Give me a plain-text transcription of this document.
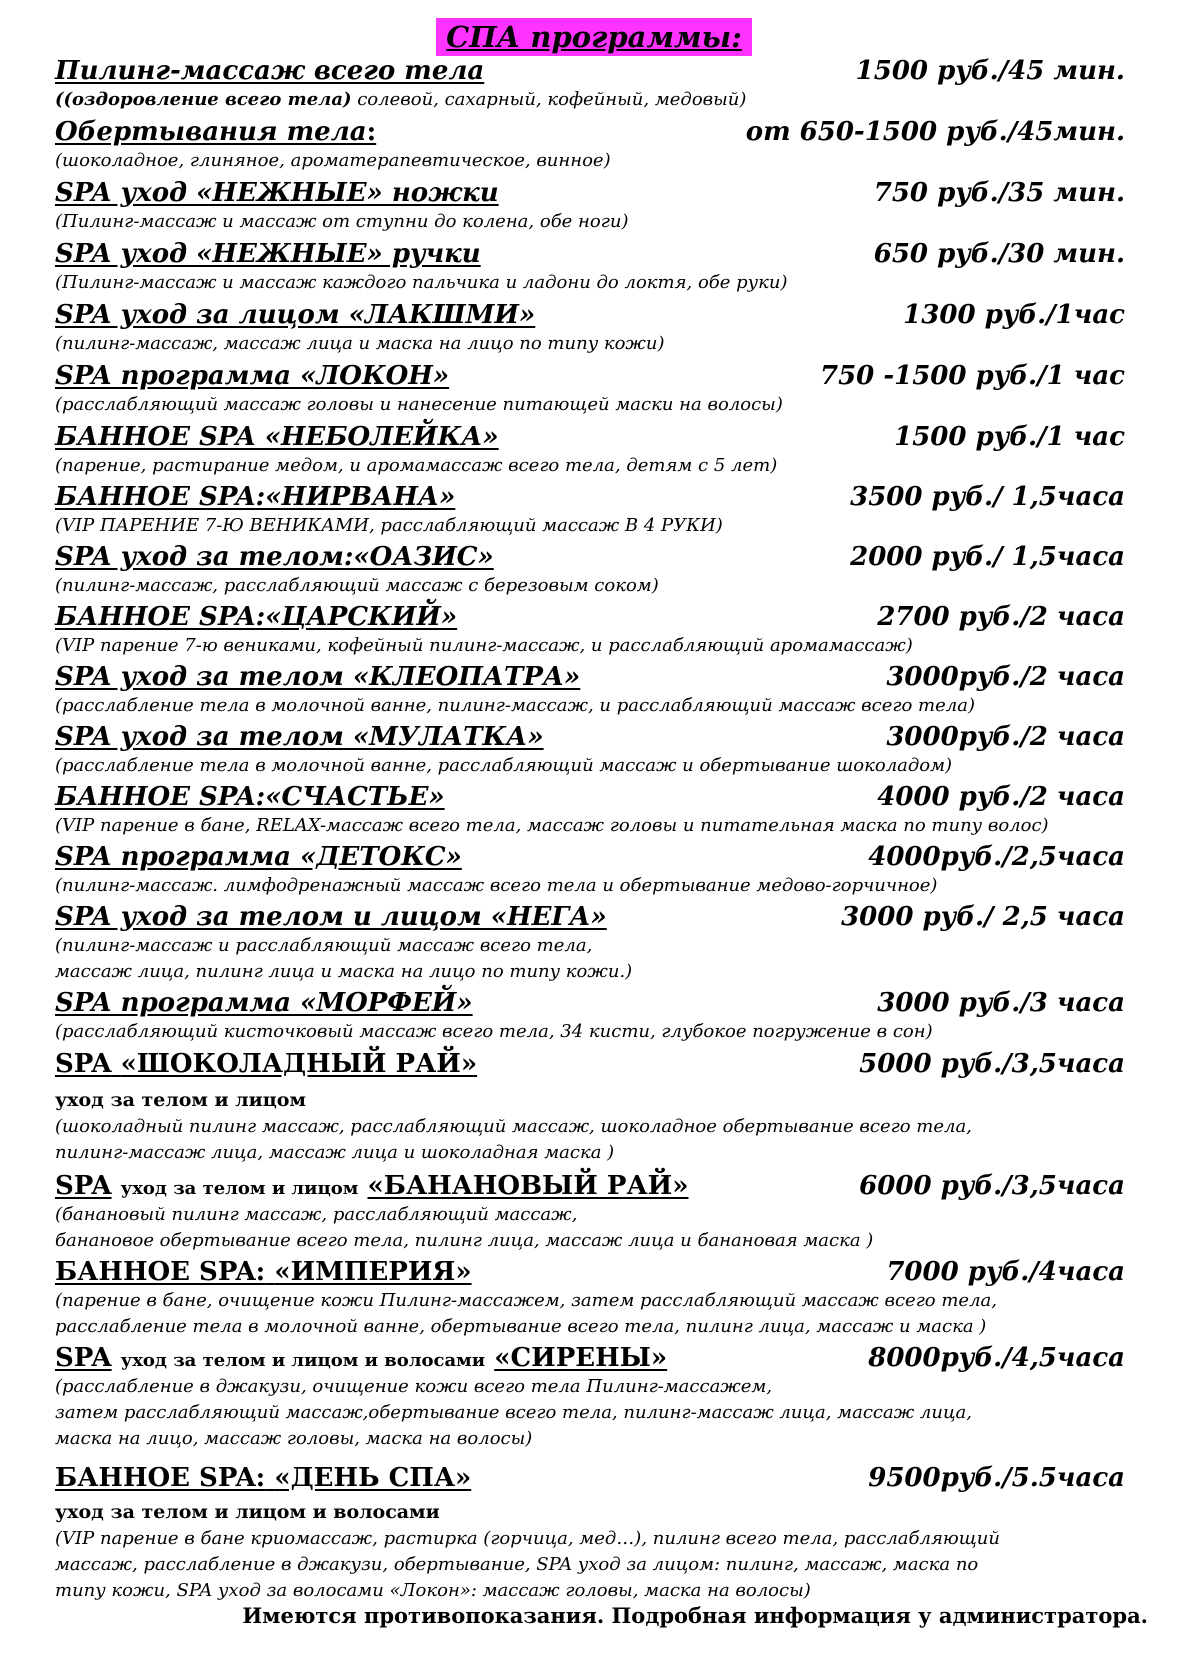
СПА программы:
Пилинг-массаж всего тела	1500 руб./45 мин.
((оздоровление всего тела) солевой, сахарный, кофейный, медовый)
Обертывания тела:	от 650-1500 руб./45мин.
(шоколадное, глиняное, ароматерапевтическое, винное)
SPA уход «НЕЖНЫЕ» ножки	750 руб./35 мин.
(Пилинг-массаж и массаж от ступни до колена, обе ноги)
SPA уход «НЕЖНЫЕ» ручки	650 руб./30 мин.
(Пилинг-массаж и массаж каждого пальчика и ладони до локтя, обе руки)
SPA уход за лицом «ЛАКШМИ»	1300 руб./1час
(пилинг-массаж, массаж лица и маска на лицо по типу кожи)
SPA программа «ЛОКОН»	750 -1500 руб./1 час
(расслабляющий массаж головы и нанесение питающей маски на волосы)
БАННОЕ SPA «НЕБОЛЕЙКА»	1500 руб./1 час
(парение, растирание медом, и аромамассаж всего тела, детям с 5 лет)
БАННОЕ SPA:«НИРВАНА»	3500 руб./ 1,5часа
(VIP ПАРЕНИЕ 7-Ю ВЕНИКАМИ, расслабляющий массаж В 4 РУКИ)
SPA уход за телом:«ОАЗИС»	2000 руб./ 1,5часа
(пилинг-массаж, расслабляющий массаж с березовым соком)
БАННОЕ SPA:«ЦАРСКИЙ»	2700 руб./2 часа
(VIP парение 7-ю вениками, кофейный пилинг-массаж, и расслабляющий аромамассаж)
SPA уход за телом «КЛЕОПАТРА»	3000руб./2 часа
(расслабление тела в молочной ванне, пилинг-массаж, и расслабляющий массаж всего тела)
SPA уход за телом «МУЛАТКА»	3000руб./2 часа
(расслабление тела в молочной ванне, расслабляющий массаж и обертывание шоколадом)
БАННОЕ SPA:«СЧАСТЬЕ»	4000 руб./2 часа
(VIP парение в бане, RELAX-массаж всего тела, массаж головы и питательная маска по типу волос)
SPA программа «ДЕТОКС»	4000руб./2,5часа
(пилинг-массаж. лимфодренажный массаж всего тела и обертывание медово-горчичное)
SPA уход за телом и лицом «НЕГА»	3000 руб./ 2,5 часа
(пилинг-массаж и расслабляющий массаж всего тела,
массаж лица, пилинг лица и маска на лицо по типу кожи.)
SPA программа «МОРФЕЙ»	3000 руб./3 часа
(расслабляющий кисточковый массаж всего тела, 34 кисти, глубокое погружение в сон)
SPA «ШОКОЛАДНЫЙ РАЙ»	5000 руб./3,5часа
уход за телом и лицом
(шоколадный пилинг массаж, расслабляющий массаж, шоколадное обертывание всего тела,
пилинг-массаж лица, массаж лица и шоколадная маска )
SPA уход за телом и лицом «БАНАНОВЫЙ РАЙ»	6000 руб./3,5часа
(банановый пилинг массаж, расслабляющий массаж,
банановое обертывание всего тела, пилинг лица, массаж лица и банановая маска )
БАННОЕ SPA: «ИМПЕРИЯ»	7000 руб./4часа
(парение в бане, очищение кожи Пилинг-массажем, затем расслабляющий массаж всего тела,
расслабление тела в молочной ванне, обертывание всего тела, пилинг лица, массаж и маска )
SPA уход за телом и лицом и волосами «СИРЕНЫ»	8000руб./4,5часа
(расслабление в джакузи, очищение кожи всего тела Пилинг-массажем,
затем расслабляющий массаж,обертывание всего тела, пилинг-массаж лица, массаж лица,
маска на лицо, массаж головы, маска на волосы)
БАННОЕ SPA: «ДЕНЬ СПА»	9500руб./5.5часа
уход за телом и лицом и волосами
(VIP парение в бане криомассаж, растирка (горчица, мед…), пилинг всего тела, расслабляющий
массаж, расслабление в джакузи, обертывание, SPA уход за лицом: пилинг, массаж, маска по
типу кожи, SPA уход за волосами «Локон»: массаж головы, маска на волосы)
Имеются противопоказания. Подробная информация у администратора.
